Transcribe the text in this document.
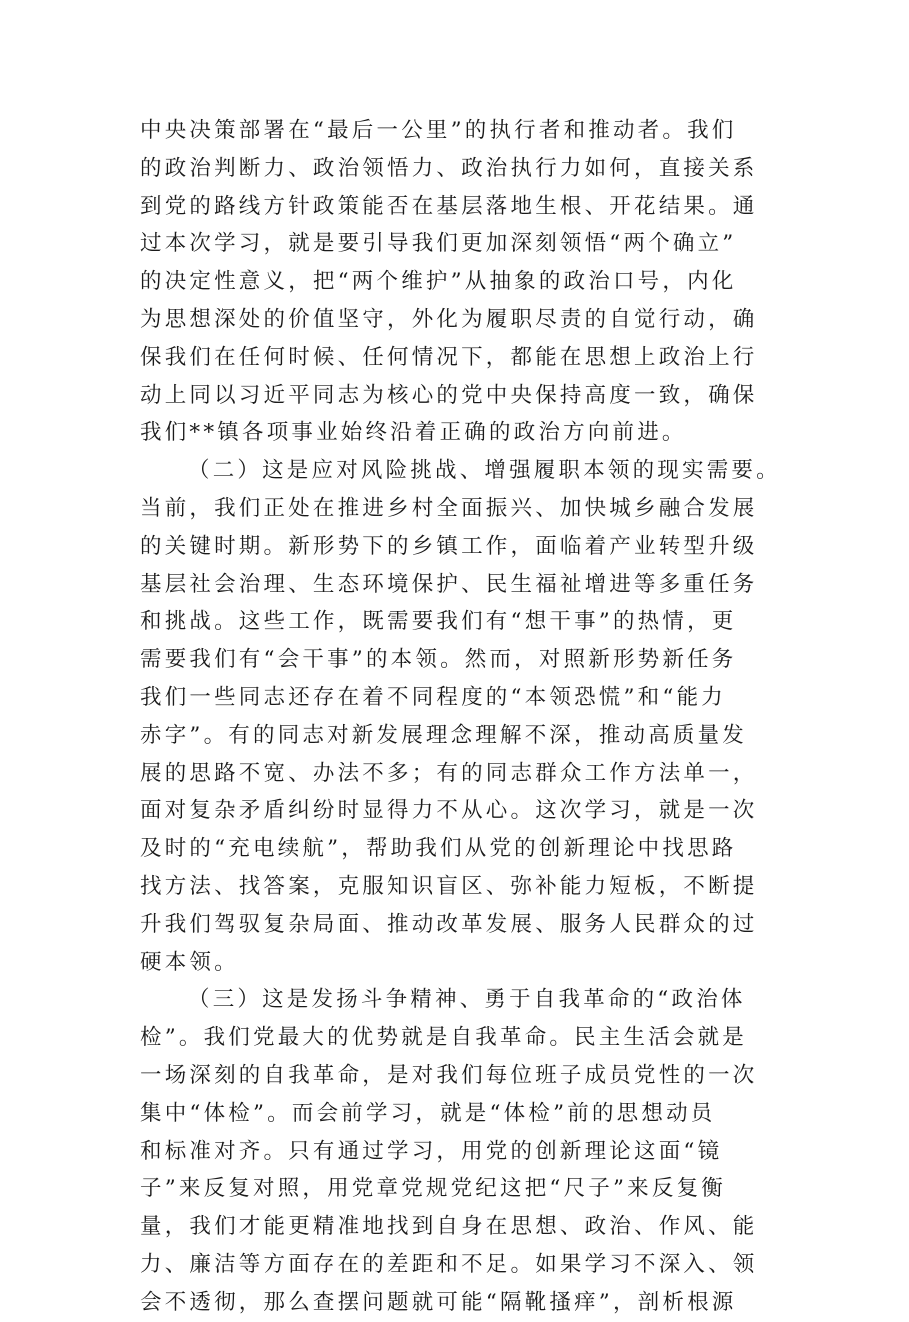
中央决策部署在“最后一公里”的执行者和推动者。我们
的政治判断力、政治领悟力、政治执行力如何，直接关系
到党的路线方针政策能否在基层落地生根、开花结果。通
过本次学习，就是要引导我们更加深刻领悟“两个确立”
的决定性意义，把“两个维护”从抽象的政治口号，内化
为思想深处的价值坚守，外化为履职尽责的自觉行动，确
保我们在任何时候、任何情况下，都能在思想上政治上行
动上同以习近平同志为核心的党中央保持高度一致，确保
我们**镇各项事业始终沿着正确的政治方向前进。
（二）这是应对风险挑战、增强履职本领的现实需要。
当前，我们正处在推进乡村全面振兴、加快城乡融合发展
的关键时期。新形势下的乡镇工作，面临着产业转型升级
基层社会治理、生态环境保护、民生福祉增进等多重任务
和挑战。这些工作，既需要我们有“想干事”的热情，更
需要我们有“会干事”的本领。然而，对照新形势新任务
我们一些同志还存在着不同程度的“本领恐慌”和“能力
赤字”。有的同志对新发展理念理解不深，推动高质量发
展的思路不宽、办法不多；有的同志群众工作方法单一，
面对复杂矛盾纠纷时显得力不从心。这次学习，就是一次
及时的“充电续航”，帮助我们从党的创新理论中找思路
找方法、找答案，克服知识盲区、弥补能力短板，不断提
升我们驾驭复杂局面、推动改革发展、服务人民群众的过
硬本领。
（三）这是发扬斗争精神、勇于自我革命的“政治体
检”。我们党最大的优势就是自我革命。民主生活会就是
一场深刻的自我革命，是对我们每位班子成员党性的一次
集中“体检”。而会前学习，就是“体检”前的思想动员
和标准对齐。只有通过学习，用党的创新理论这面“镜
子”来反复对照，用党章党规党纪这把“尺子”来反复衡
量，我们才能更精准地找到自身在思想、政治、作风、能
力、廉洁等方面存在的差距和不足。如果学习不深入、领
会不透彻，那么查摆问题就可能“隔靴搔痒”，剖析根源
